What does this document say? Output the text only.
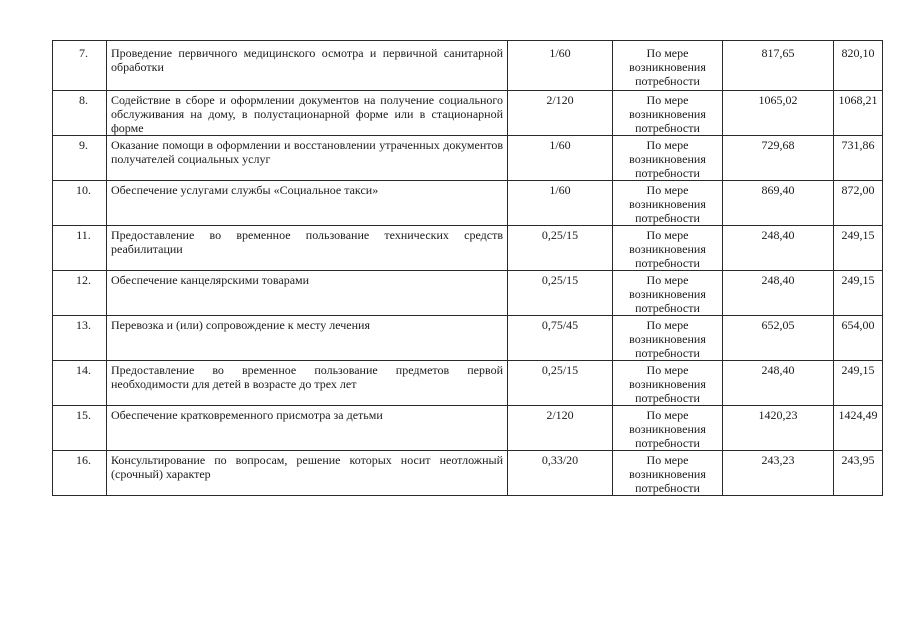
7.	Проведение первичного медицинского осмотра и первичной санитарной обработки	1/60	По мере возникновения потребности	817,65	820,10
8.	Содействие в сборе и оформлении документов на получение социального обслуживания на дому, в полустационарной форме или в стационарной форме	2/120	По мере возникновения потребности	1065,02	1068,21
9.	Оказание помощи в оформлении и восстановлении утраченных документов получателей социальных услуг	1/60	По мере возникновения потребности	729,68	731,86
10.	Обеспечение услугами службы «Социальное такси»	1/60	По мере возникновения потребности	869,40	872,00
11.	Предоставление во временное пользование технических средств реабилитации	0,25/15	По мере возникновения потребности	248,40	249,15
12.	Обеспечение канцелярскими товарами	0,25/15	По мере возникновения потребности	248,40	249,15
13.	Перевозка и (или) сопровождение к месту лечения	0,75/45	По мере возникновения потребности	652,05	654,00
14.	Предоставление во временное пользование предметов первой необходимости для детей в возрасте до трех лет	0,25/15	По мере возникновения потребности	248,40	249,15
15.	Обеспечение кратковременного присмотра за детьми	2/120	По мере возникновения потребности	1420,23	1424,49
16.	Консультирование по вопросам, решение которых носит неотложный (срочный) характер	0,33/20	По мере возникновения потребности	243,23	243,95
